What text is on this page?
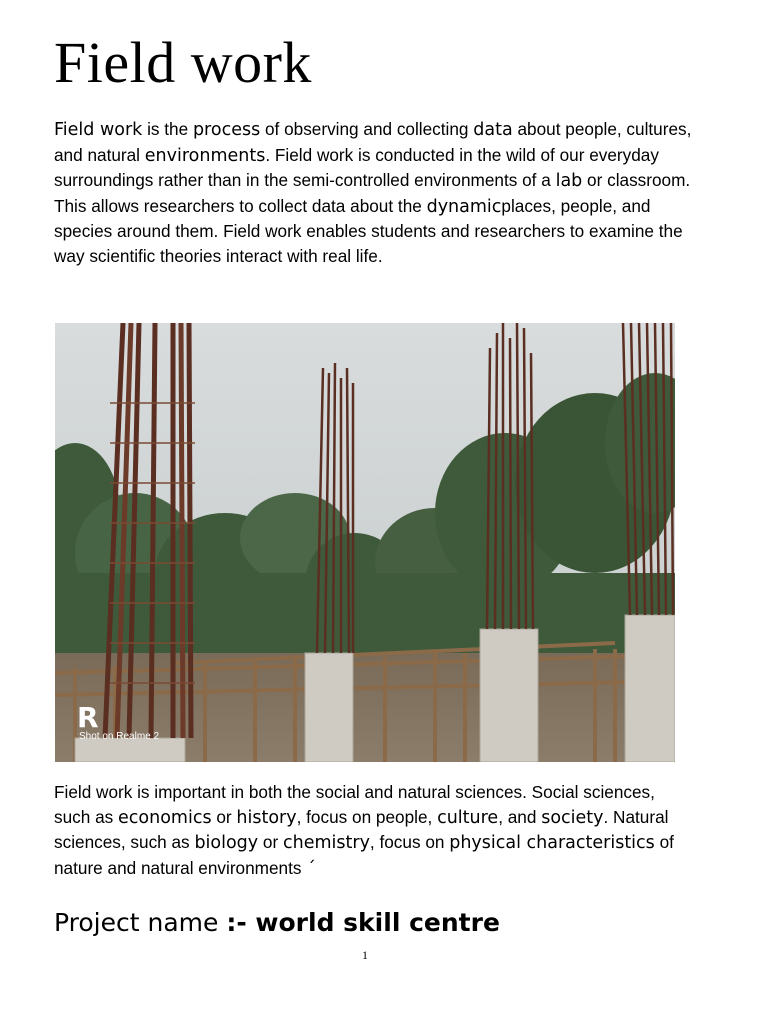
Field work

Field work is the process of observing and collecting data about people, cultures, and natural environments. Field work is conducted in the wild of our everyday surroundings rather than in the semi-controlled environments of a lab or classroom. This allows researchers to collect data about the dynamicplaces, people, and species around them. Field work enables students and researchers to examine the way scientific theories interact with real life.

R
Shot on Realme 2

Field work is important in both the social and natural sciences. Social sciences, such as economics or history, focus on people, culture, and society. Natural sciences, such as biology or chemistry, focus on physical characteristics of nature and natural environments ´

Project name :- world skill centre
1
